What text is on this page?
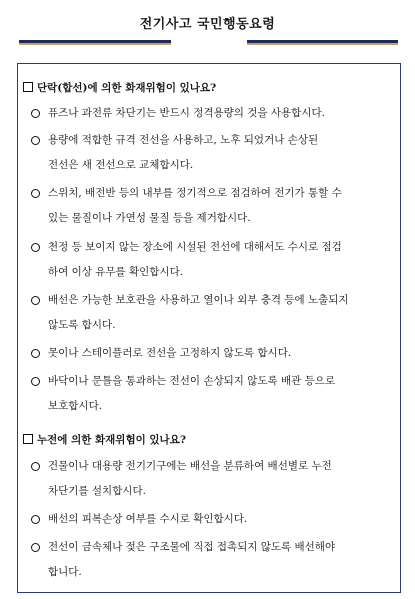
전기사고 국민행동요령
단락(합선)에 의한 화재위험이 있나요?
퓨즈나 과전류 차단기는 반드시 정격용량의 것을 사용합시다.
용량에 적합한 규격 전선을 사용하고, 노후 되었거나 손상된
전선은 새 전선으로 교체합시다.
스위치, 배전반 등의 내부를 정기적으로 점검하여 전기가 통할 수
있는 물질이나 가연성 물질 등을 제거합시다.
천정 등 보이지 않는 장소에 시설된 전선에 대해서도 수시로 점검
하여 이상 유무를 확인합시다.
배선은 가능한 보호관을 사용하고 열이나 외부 충격 등에 노출되지
않도록 합시다.
못이나 스테이플러로 전선을 고정하지 않도록 합시다.
바닥이나 문틀을 통과하는 전선이 손상되지 않도록 배관 등으로
보호합시다.
누전에 의한 화재위험이 있나요?
건물이나 대용량 전기기구에는 배선을 분류하여 배선별로 누전
차단기를 설치합시다.
배선의 피복손상 여부를 수시로 확인합시다.
전선이 금속체나 젖은 구조물에 직접 접촉되지 않도록 배선해야
합니다.
